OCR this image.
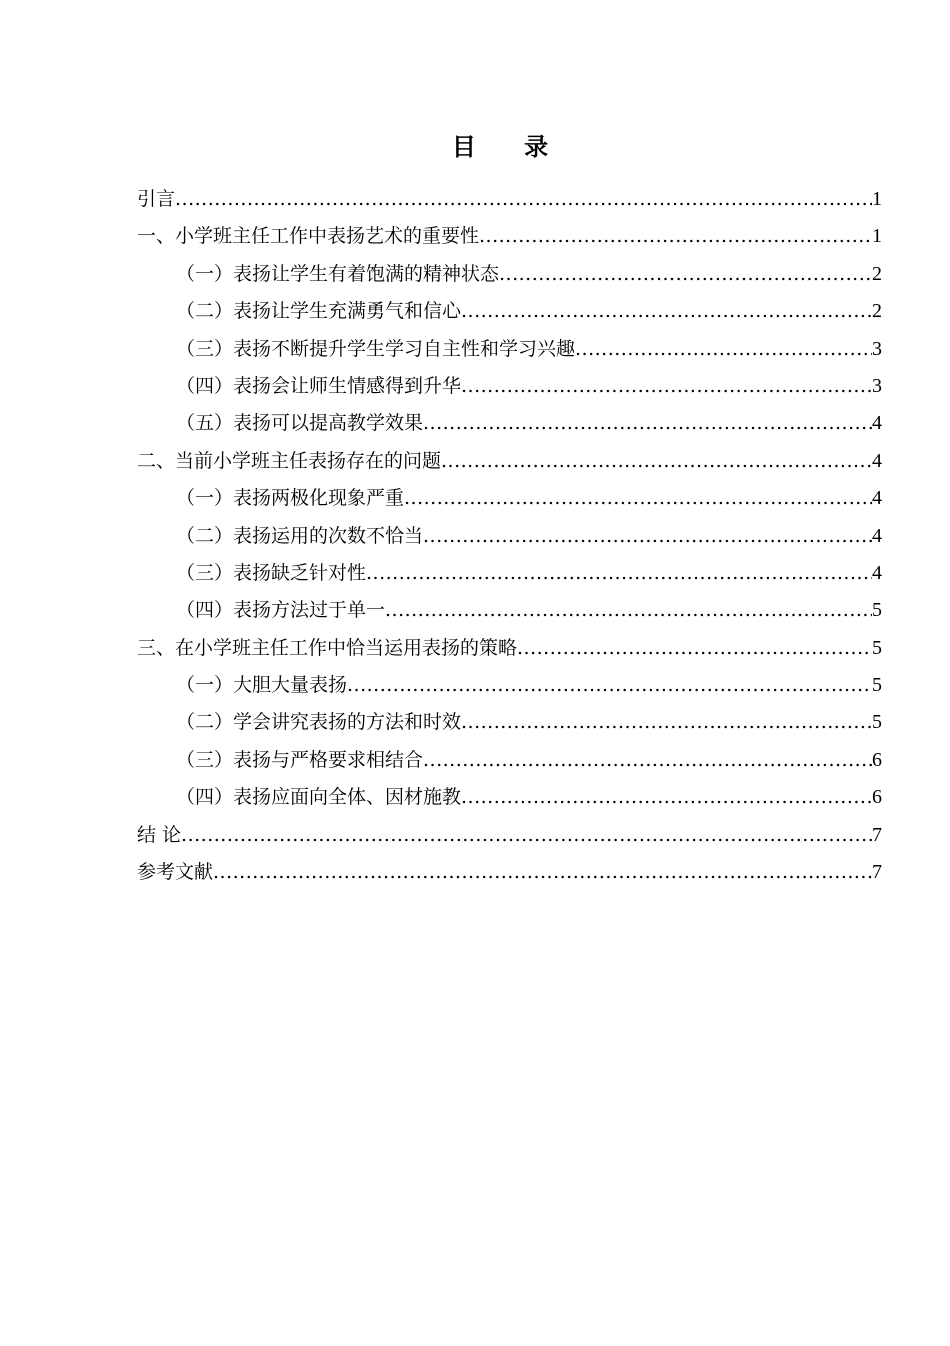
目 录
引言 .....	1
一、小学班主任工作中表扬艺术的重要性 .....	1
（一）表扬让学生有着饱满的精神状态 .....	2
（二）表扬让学生充满勇气和信心 .....	2
（三）表扬不断提升学生学习自主性和学习兴趣 .....	3
（四）表扬会让师生情感得到升华 .....	3
（五）表扬可以提高教学效果 .....	4
二、当前小学班主任表扬存在的问题 .....	4
（一）表扬两极化现象严重 .....	4
（二）表扬运用的次数不恰当 .....	4
（三）表扬缺乏针对性 .....	4
（四）表扬方法过于单一 .....	5
三、在小学班主任工作中恰当运用表扬的策略 .....	5
（一）大胆大量表扬 .....	5
（二）学会讲究表扬的方法和时效 .....	5
（三）表扬与严格要求相结合 .....	6
（四）表扬应面向全体、因材施教 .....	6
结 论 .....	7
参考文献 .....	7
